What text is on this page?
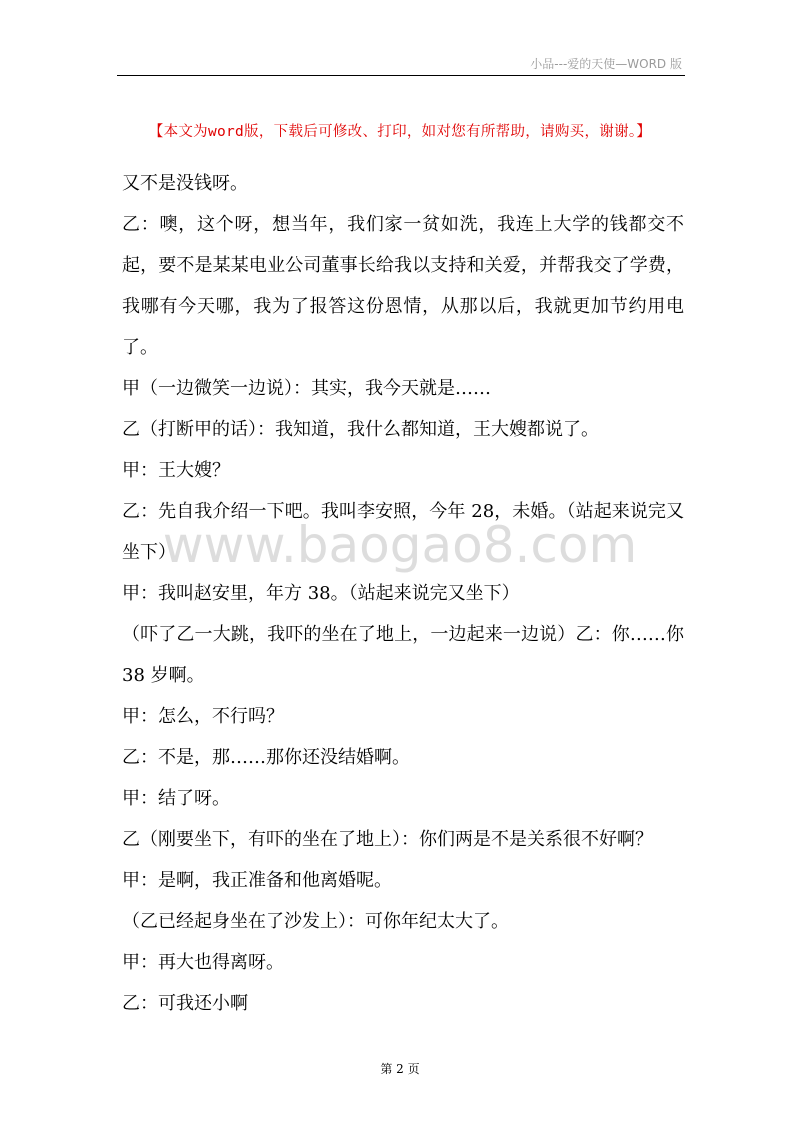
小品---爱的天使—WORD 版
【本文为word版，下载后可修改、打印，如对您有所帮助，请购买，谢谢。】
www.baogao8.com

又不是没钱呀。

乙：噢，这个呀，想当年，我们家一贫如洗，我连上大学的钱都交不起，要不是某某电业公司董事长给我以支持和关爱，并帮我交了学费，我哪有今天哪，我为了报答这份恩情，从那以后，我就更加节约用电了。

甲（一边微笑一边说）：其实，我今天就是……

乙（打断甲的话）：我知道，我什么都知道，王大嫂都说了。

甲：王大嫂？

乙：先自我介绍一下吧。我叫李安照，今年 28，未婚。（站起来说完又坐下）

甲：我叫赵安里，年方 38。（站起来说完又坐下）

（吓了乙一大跳，我吓的坐在了地上，一边起来一边说）乙：你……你 38 岁啊。

甲：怎么，不行吗？

乙：不是，那……那你还没结婚啊。

甲：结了呀。

乙（刚要坐下，有吓的坐在了地上）：你们两是不是关系很不好啊？

甲：是啊，我正准备和他离婚呢。

（乙已经起身坐在了沙发上）：可你年纪太大了。

甲：再大也得离呀。

乙：可我还小啊

第 2 页
